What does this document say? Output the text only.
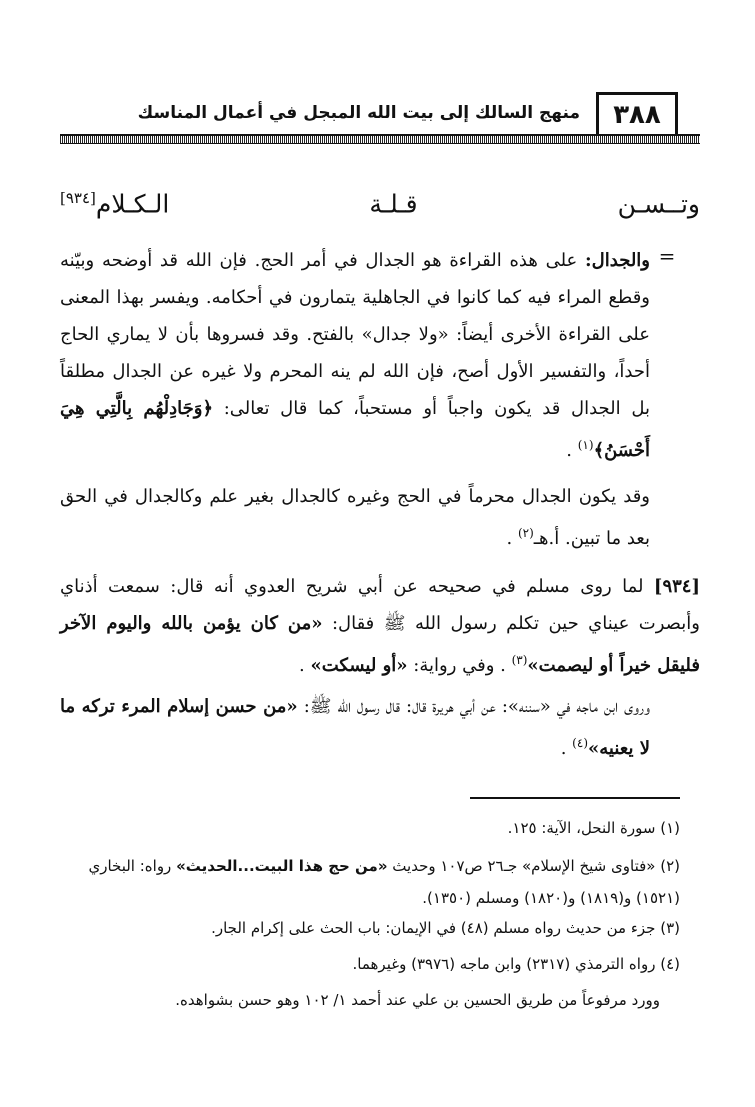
٣٨٨
منهج السالك إلى بيت الله المبجل في أعمال المناسك
وتــسـن قـلـة الـكـلام[٩٣٤]
=
والجدال: على هذه القراءة هو الجدال في أمر الحج. فإن الله قد أوضحه وبيّنه وقطع المراء فيه كما كانوا في الجاهلية يتمارون في أحكامه. ويفسر بهذا المعنى على القراءة الأخرى أيضاً: «ولا جدال» بالفتح. وقد فسروها بأن لا يماري الحاج أحداً، والتفسير الأول أصح، فإن الله لم ينه المحرم ولا غيره عن الجدال مطلقاً بل الجدال قد يكون واجباً أو مستحباً، كما قال تعالى: ﴿وَجَادِلْهُم بِالَّتِي هِيَ أَحْسَنُ﴾$^{(١)}$ .
وقد يكون الجدال محرماً في الحج وغيره كالجدال بغير علم وكالجدال في الحق بعد ما تبين. أ.هـ$^{(٢)}$ .
[٩٣٤] لما روى مسلم في صحيحه عن أبي شريح العدوي أنه قال: سمعت أذناي وأبصرت عيناي حين تكلم رسول الله ﷺ فقال: «من كان يؤمن بالله واليوم الآخر فليقل خيراً أو ليصمت»$^{(٣)}$ . وفي رواية: «أو ليسكت» .
وروى ابن ماجه في «سننه»: عن أبي هريرة قال: قال رسول الله ﷺ: «من حسن إسلام المرء تركه ما لا يعنيه»$^{(٤)}$ .
(١) سورة النحل، الآية: ١٢٥.
(٢) «فتاوى شيخ الإسلام» جـ٢٦ ص١٠٧ وحديث «من حج هذا البيت...الحديث» رواه: البخاري (١٥٢١) و(١٨١٩) و(١٨٢٠) ومسلم (١٣٥٠).
(٣) جزء من حديث رواه مسلم (٤٨) في الإيمان: باب الحث على إكرام الجار.
(٤) رواه الترمذي (٢٣١٧) وابن ماجه (٣٩٧٦) وغيرهما.
وورد مرفوعاً من طريق الحسين بن علي عند أحمد ١/ ١٠٢ وهو حسن بشواهده.
